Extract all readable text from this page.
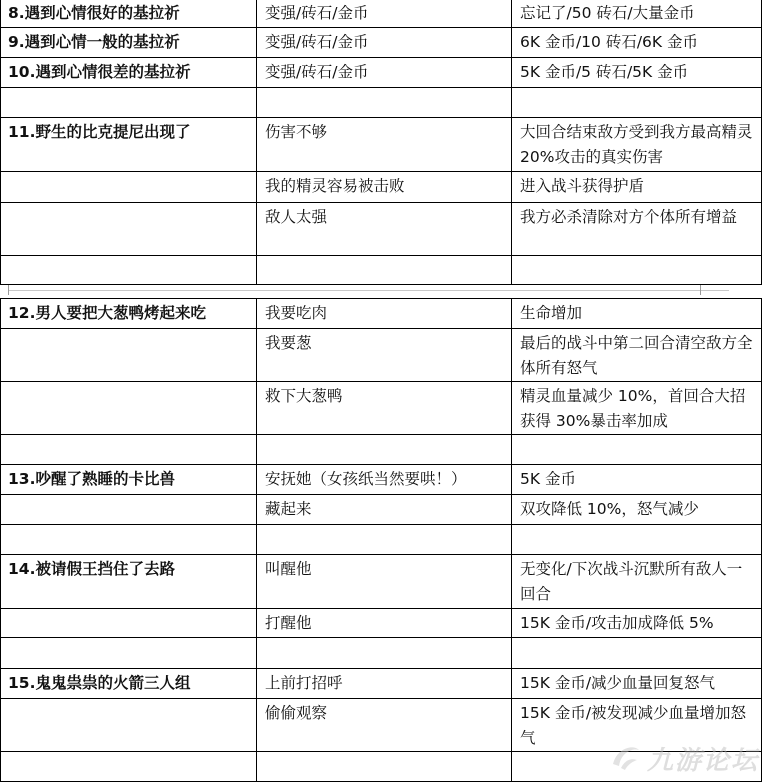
8.遇到心情很好的基拉祈	变强/砖石/金币	忘记了/50 砖石/大量金币
9.遇到心情一般的基拉祈	变强/砖石/金币	6K 金币/10 砖石/6K 金币
10.遇到心情很差的基拉祈	变强/砖石/金币	5K 金币/5 砖石/5K 金币

11.野生的比克提尼出现了	伤害不够	大回合结束敌方受到我方最高精灵 20%攻击的真实伤害
	我的精灵容易被击败	进入战斗获得护盾
	敌人太强	我方必杀清除对方个体所有增益

12.男人要把大葱鸭烤起来吃	我要吃肉	生命增加
	我要葱	最后的战斗中第二回合清空敌方全体所有怒气
	救下大葱鸭	精灵血量减少 10%，首回合大招获得 30%暴击率加成

13.吵醒了熟睡的卡比兽	安抚她（女孩纸当然要哄！）	5K 金币
	藏起来	双攻降低 10%，怒气减少

14.被请假王挡住了去路	叫醒他	无变化/下次战斗沉默所有敌人一回合
	打醒他	15K 金币/攻击加成降低 5%

15.鬼鬼祟祟的火箭三人组	上前打招呼	15K 金币/减少血量回复怒气
	偷偷观察	15K 金币/被发现减少血量增加怒气

九游论坛
